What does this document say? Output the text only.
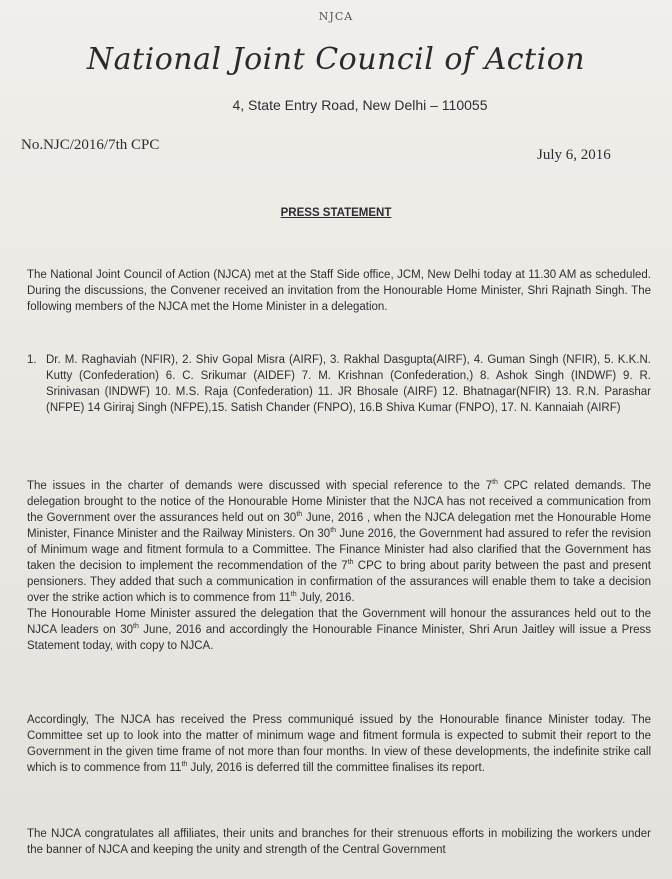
NJCA
National Joint Council of Action
4, State Entry Road, New Delhi – 110055
No.NJC/2016/7th CPC
July 6, 2016
PRESS STATEMENT
The National Joint Council of Action (NJCA) met at the Staff Side office, JCM, New Delhi today at 11.30 AM as scheduled. During the discussions, the Convener received an invitation from the Honourable Home Minister, Shri Rajnath Singh. The following members of the NJCA met the Home Minister in a delegation.
1. Dr. M. Raghaviah (NFIR), 2. Shiv Gopal Misra (AIRF), 3. Rakhal Dasgupta(AIRF), 4. Guman Singh (NFIR), 5. K.K.N. Kutty (Confederation) 6. C. Srikumar (AIDEF) 7. M. Krishnan (Confederation,) 8. Ashok Singh (INDWF) 9. R. Srinivasan (INDWF) 10. M.S. Raja (Confederation) 11. JR Bhosale (AIRF) 12. Bhatnagar(NFIR) 13. R.N. Parashar (NFPE) 14 Giriraj Singh (NFPE),15. Satish Chander (FNPO), 16.B Shiva Kumar (FNPO), 17. N. Kannaiah (AIRF)
The issues in the charter of demands were discussed with special reference to the 7th CPC related demands. The delegation brought to the notice of the Honourable Home Minister that the NJCA has not received a communication from the Government over the assurances held out on 30th June, 2016 , when the NJCA delegation met the Honourable Home Minister, Finance Minister and the Railway Ministers. On 30th June 2016, the Government had assured to refer the revision of Minimum wage and fitment formula to a Committee. The Finance Minister had also clarified that the Government has taken the decision to implement the recommendation of the 7th CPC to bring about parity between the past and present pensioners. They added that such a communication in confirmation of the assurances will enable them to take a decision over the strike action which is to commence from 11th July, 2016.
The Honourable Home Minister assured the delegation that the Government will honour the assurances held out to the NJCA leaders on 30th June, 2016 and accordingly the Honourable Finance Minister, Shri Arun Jaitley will issue a Press Statement today, with copy to NJCA.
Accordingly, The NJCA has received the Press communiqué issued by the Honourable finance Minister today. The Committee set up to look into the matter of minimum wage and fitment formula is expected to submit their report to the Government in the given time frame of not more than four months. In view of these developments, the indefinite strike call which is to commence from 11th July, 2016 is deferred till the committee finalises its report.
The NJCA congratulates all affiliates, their units and branches for their strenuous efforts in mobilizing the workers under the banner of NJCA and keeping the unity and strength of the Central Government
